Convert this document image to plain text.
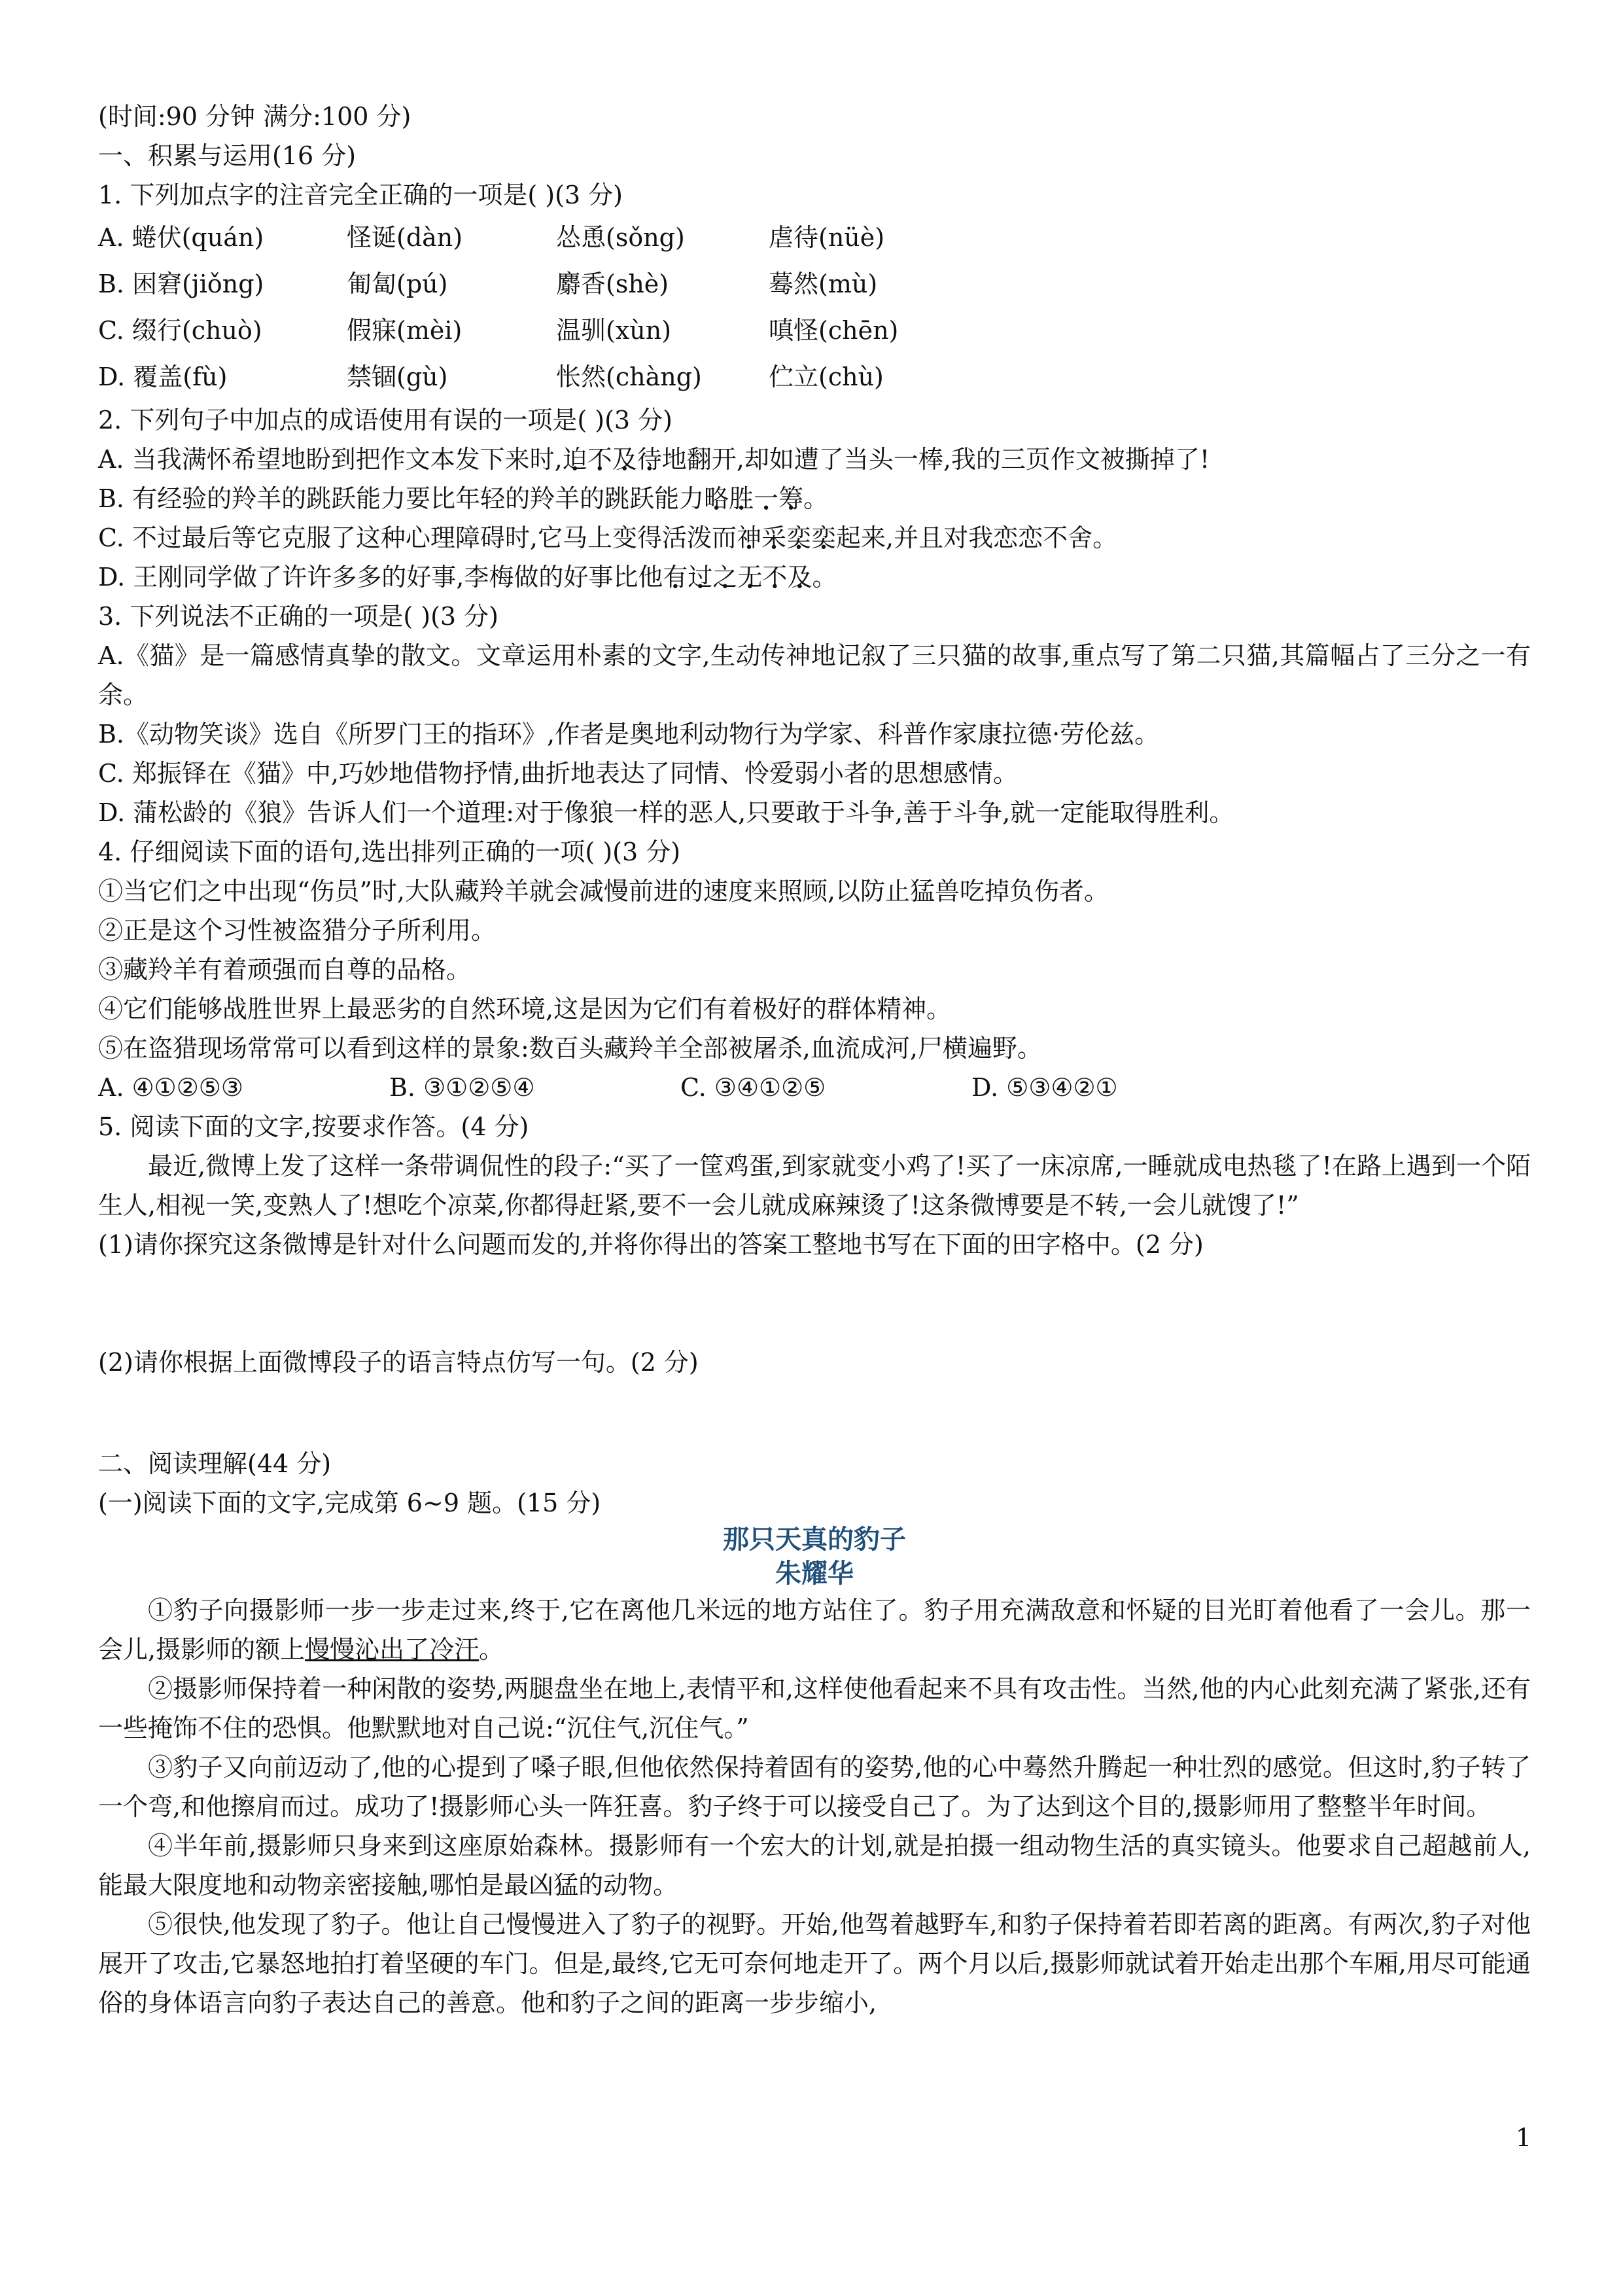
(时间:90 分钟 满分:100 分)
一、积累与运用(16 分)
1. 下列加点字的注音完全正确的一项是( )(3 分)
A. 蜷伏(quán)	怪诞(dàn)	怂恿(sǒng)	虐待(nüè)
B. 困窘(jiǒng)	匍匐(pú)	麝香(shè)	蓦然(mù)
C. 缀行(chuò)	假寐(mèi)	温驯(xùn)	嗔怪(chēn)
D. 覆盖(fù)	禁锢(gù)	怅然(chàng)	伫立(chù)
2. 下列句子中加点的成语使用有误的一项是( )(3 分)
A. 当我满怀希望地盼到把作文本发下来时,迫不及待地翻开,却如遭了当头一棒,我的三页作文被撕掉了!
B. 有经验的羚羊的跳跃能力要比年轻的羚羊的跳跃能力略胜一筹。
C. 不过最后等它克服了这种心理障碍时,它马上变得活泼而神采奕奕起来,并且对我恋恋不舍。
D. 王刚同学做了许许多多的好事,李梅做的好事比他有过之无不及。
3. 下列说法不正确的一项是( )(3 分)
A.《猫》是一篇感情真挚的散文。文章运用朴素的文字,生动传神地记叙了三只猫的故事,重点写了第二只猫,其篇幅占了三分之一有余。
B.《动物笑谈》选自《所罗门王的指环》,作者是奥地利动物行为学家、科普作家康拉德·劳伦兹。
C. 郑振铎在《猫》中,巧妙地借物抒情,曲折地表达了同情、怜爱弱小者的思想感情。
D. 蒲松龄的《狼》告诉人们一个道理:对于像狼一样的恶人,只要敢于斗争,善于斗争,就一定能取得胜利。
4. 仔细阅读下面的语句,选出排列正确的一项( )(3 分)
①当它们之中出现“伤员”时,大队藏羚羊就会减慢前进的速度来照顾,以防止猛兽吃掉负伤者。
②正是这个习性被盗猎分子所利用。
③藏羚羊有着顽强而自尊的品格。
④它们能够战胜世界上最恶劣的自然环境,这是因为它们有着极好的群体精神。
⑤在盗猎现场常常可以看到这样的景象:数百头藏羚羊全部被屠杀,血流成河,尸横遍野。
A. ④①②⑤③	B. ③①②⑤④	C. ③④①②⑤	D. ⑤③④②①
5. 阅读下面的文字,按要求作答。(4 分)
最近,微博上发了这样一条带调侃性的段子:“买了一筐鸡蛋,到家就变小鸡了!买了一床凉席,一睡就成电热毯了!在路上遇到一个陌生人,相视一笑,变熟人了!想吃个凉菜,你都得赶紧,要不一会儿就成麻辣烫了!这条微博要是不转,一会儿就馊了!”
(1)请你探究这条微博是针对什么问题而发的,并将你得出的答案工整地书写在下面的田字格中。(2 分)
(2)请你根据上面微博段子的语言特点仿写一句。(2 分)
二、阅读理解(44 分)
(一)阅读下面的文字,完成第 6~9 题。(15 分)
那只天真的豹子
朱耀华
①豹子向摄影师一步一步走过来,终于,它在离他几米远的地方站住了。豹子用充满敌意和怀疑的目光盯着他看了一会儿。那一会儿,摄影师的额上慢慢沁出了冷汗。
②摄影师保持着一种闲散的姿势,两腿盘坐在地上,表情平和,这样使他看起来不具有攻击性。当然,他的内心此刻充满了紧张,还有一些掩饰不住的恐惧。他默默地对自己说:“沉住气,沉住气。”
③豹子又向前迈动了,他的心提到了嗓子眼,但他依然保持着固有的姿势,他的心中蓦然升腾起一种壮烈的感觉。但这时,豹子转了一个弯,和他擦肩而过。成功了!摄影师心头一阵狂喜。豹子终于可以接受自己了。为了达到这个目的,摄影师用了整整半年时间。
④半年前,摄影师只身来到这座原始森林。摄影师有一个宏大的计划,就是拍摄一组动物生活的真实镜头。他要求自己超越前人,能最大限度地和动物亲密接触,哪怕是最凶猛的动物。
⑤很快,他发现了豹子。他让自己慢慢进入了豹子的视野。开始,他驾着越野车,和豹子保持着若即若离的距离。有两次,豹子对他展开了攻击,它暴怒地拍打着坚硬的车门。但是,最终,它无可奈何地走开了。两个月以后,摄影师就试着开始走出那个车厢,用尽可能通俗的身体语言向豹子表达自己的善意。他和豹子之间的距离一步步缩小,
1
